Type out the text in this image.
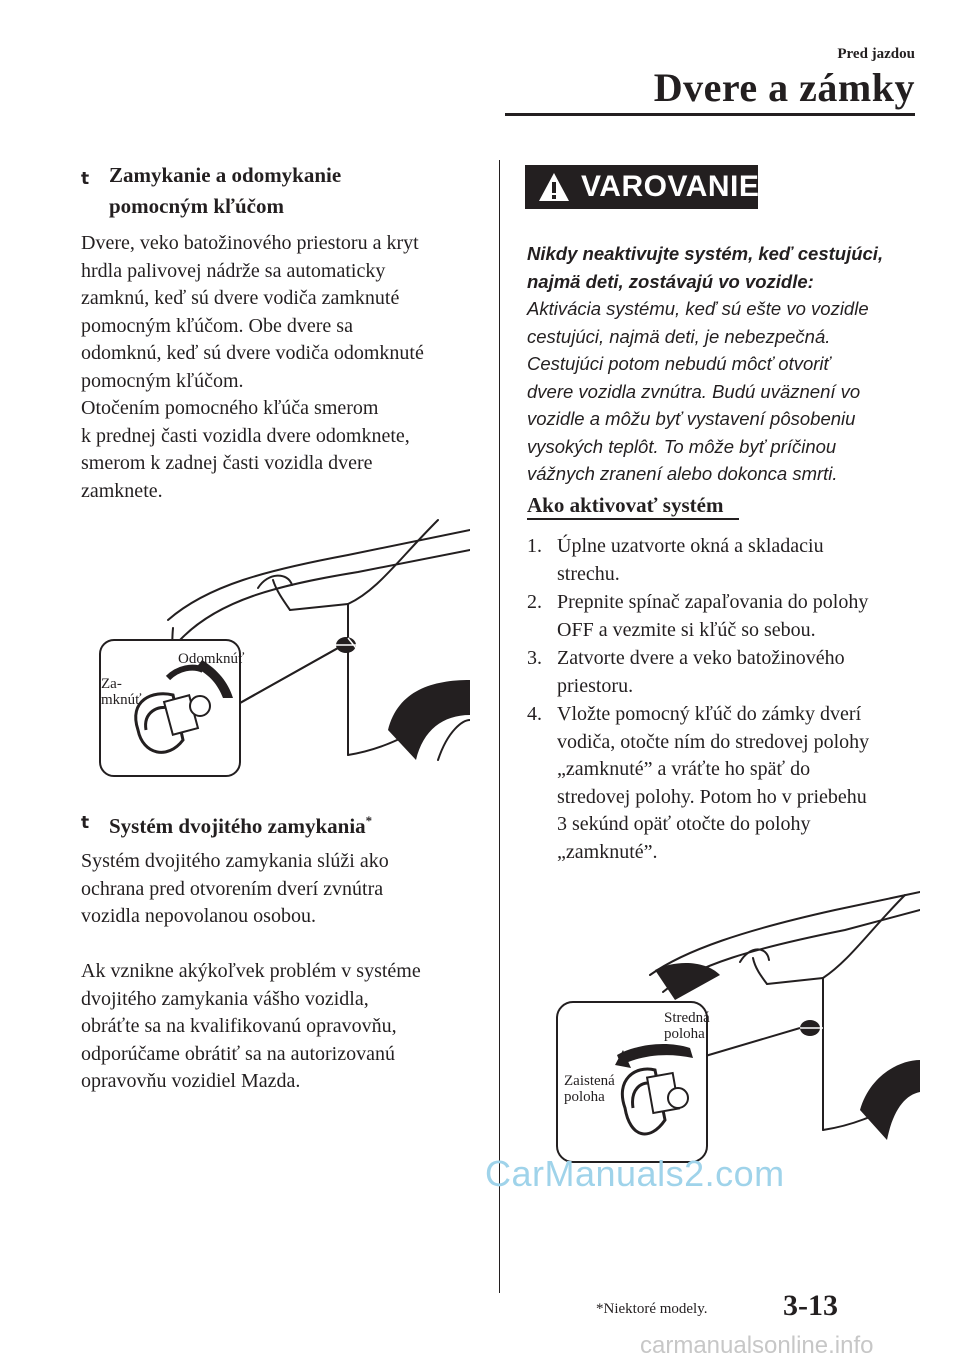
Pred jazdou
Dvere a zámky
t Zamykanie a odomykanie
pomocným kľúčom

Dvere, veko batožinového priestoru a kryt

hrdla palivovej nádrže sa automaticky

zamknú, keď sú dvere vodiča zamknuté

pomocným kľúčom. Obe dvere sa

odomknú, keď sú dvere vodiča odomknuté

pomocným kľúčom.

Otočením pomocného kľúča smerom

k prednej časti vozidla dvere odomknete,

smerom k zadnej časti vozidla dvere

zamknete.

Odomknúť
Za-
mknúť
t Systém dvojitého zamykania*

Systém dvojitého zamykania slúži ako

ochrana pred otvorením dverí zvnútra

vozidla nepovolanou osobou.

Ak vznikne akýkoľvek problém v systéme

dvojitého zamykania vášho vozidla,

obráťte sa na kvalifikovanú opravovňu,

odporúčame obrátiť sa na autorizovanú

opravovňu vozidiel Mazda.

VAROVANIE

Nikdy neaktivujte systém, keď cestujúci,

najmä deti, zostávajú vo vozidle:

Aktivácia systému, keď sú ešte vo vozidle

cestujúci, najmä deti, je nebezpečná.

Cestujúci potom nebudú môcť otvoriť

dvere vozidla zvnútra. Budú uväznení vo

vozidle a môžu byť vystavení pôsobeniu

vysokých teplôt. To môže byť príčinou

vážnych zranení alebo dokonca smrti.

Ako aktivovať systém
1. Úplne uzatvorte okná a skladaciu
strechu.
2. Prepnite spínač zapaľovania do polohy
OFF a vezmite si kľúč so sebou.
3. Zatvorte dvere a veko batožinového
priestoru.
4. Vložte pomocný kľúč do zámky dverí
vodiča, otočte ním do stredovej polohy
„zamknuté” a vráťte ho späť do
stredovej polohy. Potom ho v priebehu
3 sekúnd opäť otočte do polohy
„zamknuté”.
Stredná
poloha
Zaistená
poloha
CarManuals2.com
*Niektoré modely.	3-13
carmanualsonline.info
